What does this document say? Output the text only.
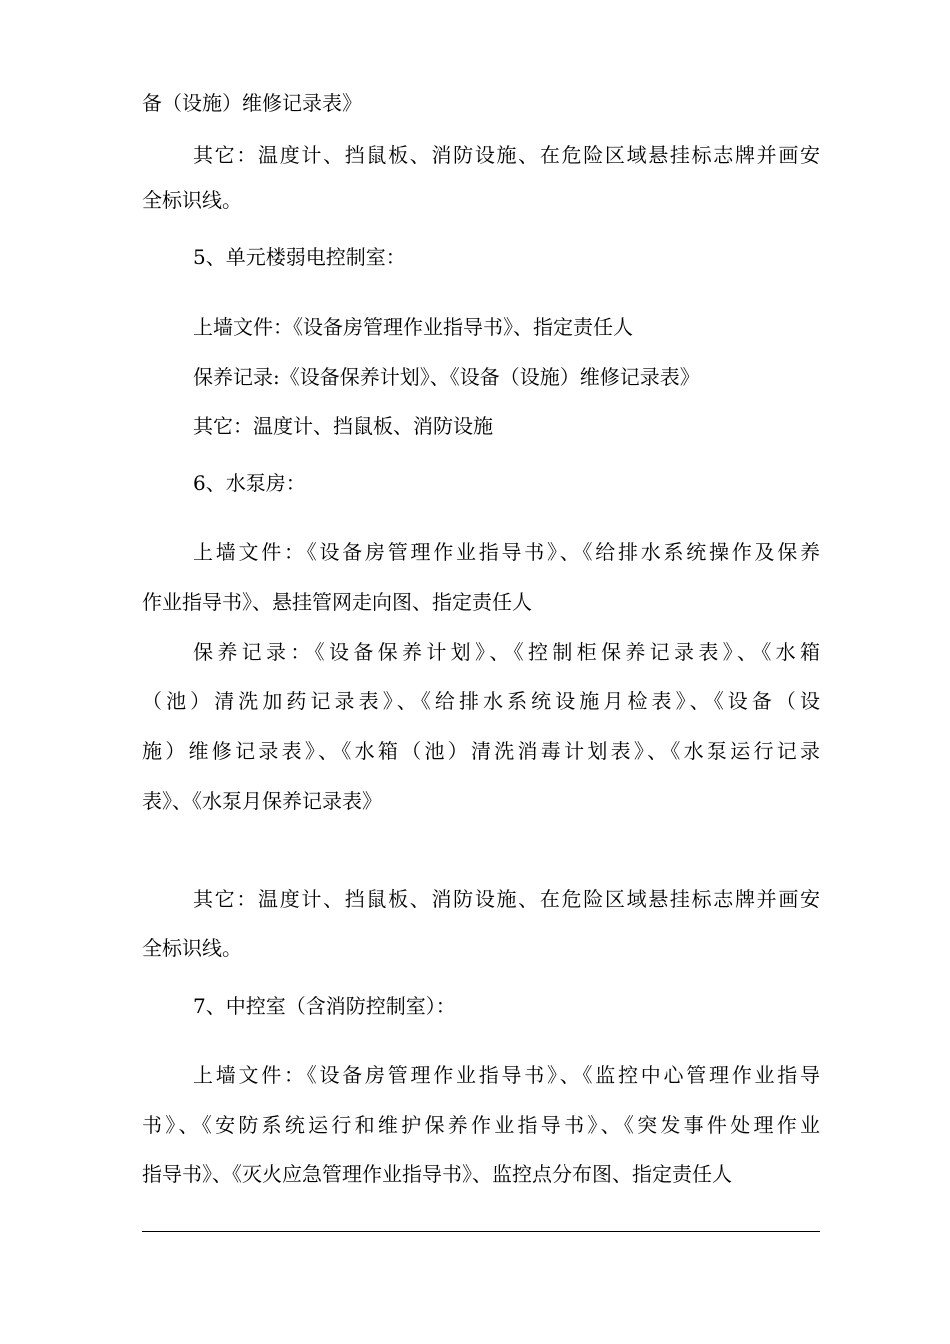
备（设施）维修记录表》
其它：温度计、挡鼠板、消防设施、在危险区域悬挂标志牌并画安
全标识线。
5、单元楼弱电控制室：
上墙文件：《设备房管理作业指导书》、指定责任人
保养记录:《设备保养计划》、《设备（设施）维修记录表》
其它：温度计、挡鼠板、消防设施
6、水泵房：
上墙文件：《设备房管理作业指导书》、《给排水系统操作及保养
作业指导书》、悬挂管网走向图、指定责任人
保养记录：《设备保养计划》、《控制柜保养记录表》、《水箱
（池）清洗加药记录表》、《给排水系统设施月检表》、《设备（设
施）维修记录表》、《水箱（池）清洗消毒计划表》、《水泵运行记录
表》、《水泵月保养记录表》
其它：温度计、挡鼠板、消防设施、在危险区域悬挂标志牌并画安
全标识线。
7、中控室（含消防控制室）：
上墙文件：《设备房管理作业指导书》、《监控中心管理作业指导
书》、《安防系统运行和维护保养作业指导书》、《突发事件处理作业
指导书》、《灭火应急管理作业指导书》、监控点分布图、指定责任人
